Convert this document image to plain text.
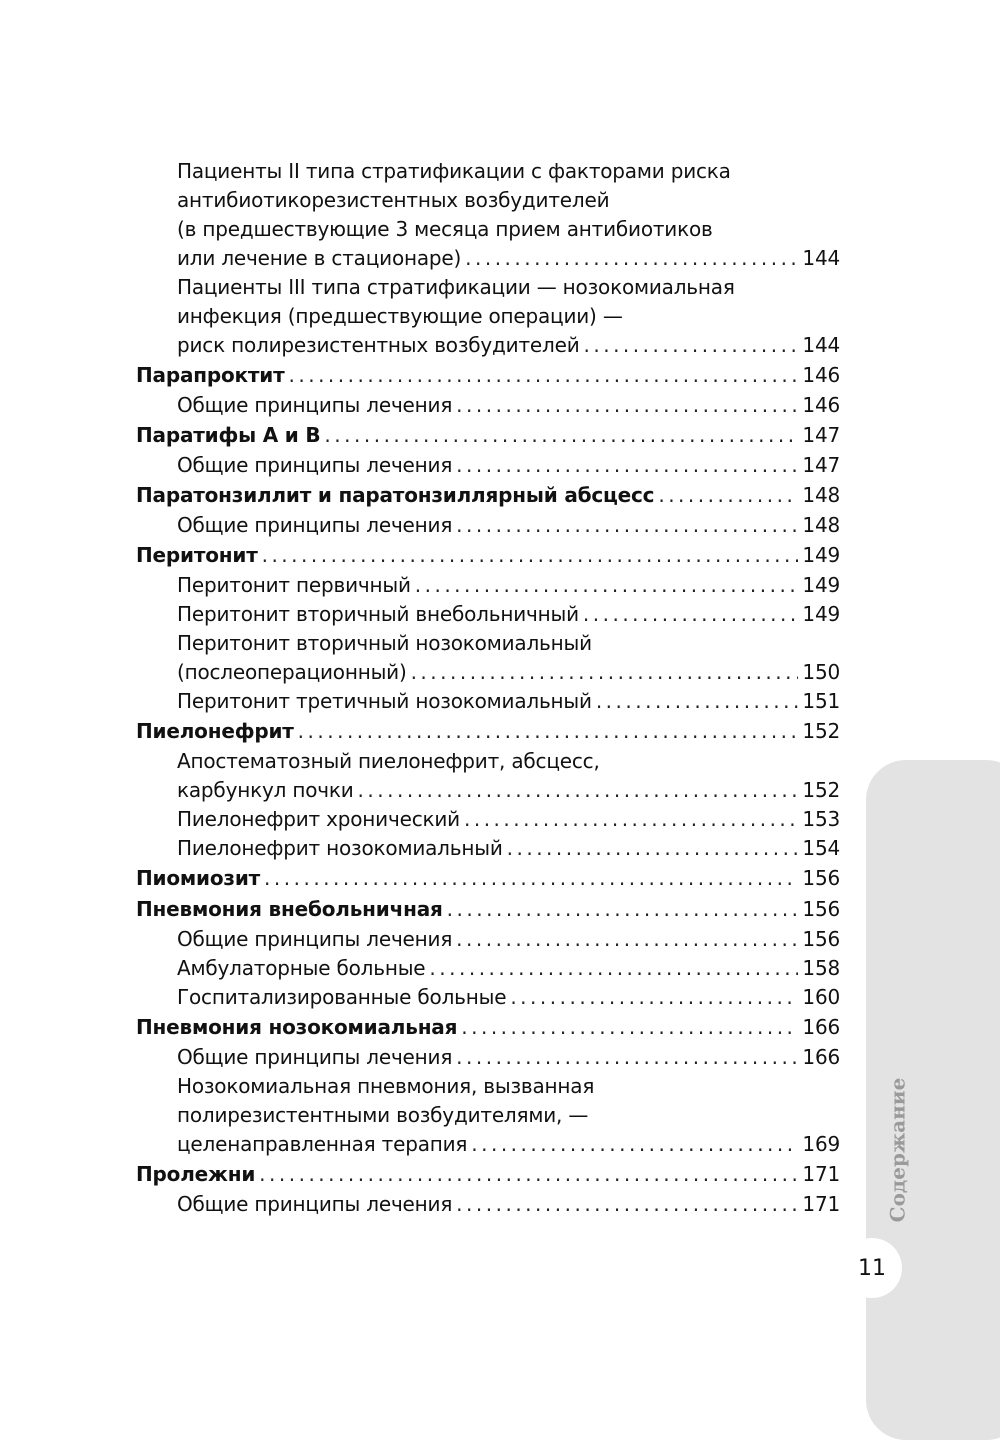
Пациенты II типа стратификации с факторами риска
антибиотикорезистентных возбудителей
(в предшествующие 3 месяца прием антибиотиков
или лечение в стационаре) .....	144
Пациенты III типа стратификации — нозокомиальная
инфекция (предшествующие операции) —
риск полирезистентных возбудителей .....	144
Парапроктит .....	146
Общие принципы лечения .....	146
Паратифы А и В .....	147
Общие принципы лечения .....	147
Паратонзиллит и паратонзиллярный абсцесс .....	148
Общие принципы лечения .....	148
Перитонит .....	149
Перитонит первичный .....	149
Перитонит вторичный внебольничный .....	149
Перитонит вторичный нозокомиальный
(послеоперационный) .....	150
Перитонит третичный нозокомиальный .....	151
Пиелонефрит .....	152
Апостематозный пиелонефрит, абсцесс,
карбункул почки .....	152
Пиелонефрит хронический .....	153
Пиелонефрит нозокомиальный .....	154
Пиомиозит .....	156
Пневмония внебольничная .....	156
Общие принципы лечения .....	156
Амбулаторные больные .....	158
Госпитализированные больные .....	160
Пневмония нозокомиальная .....	166
Общие принципы лечения .....	166
Нозокомиальная пневмония, вызванная
полирезистентными возбудителями, —
целенаправленная терапия .....	169
Пролежни .....	171
Общие принципы лечения .....	171 Содержание
11
